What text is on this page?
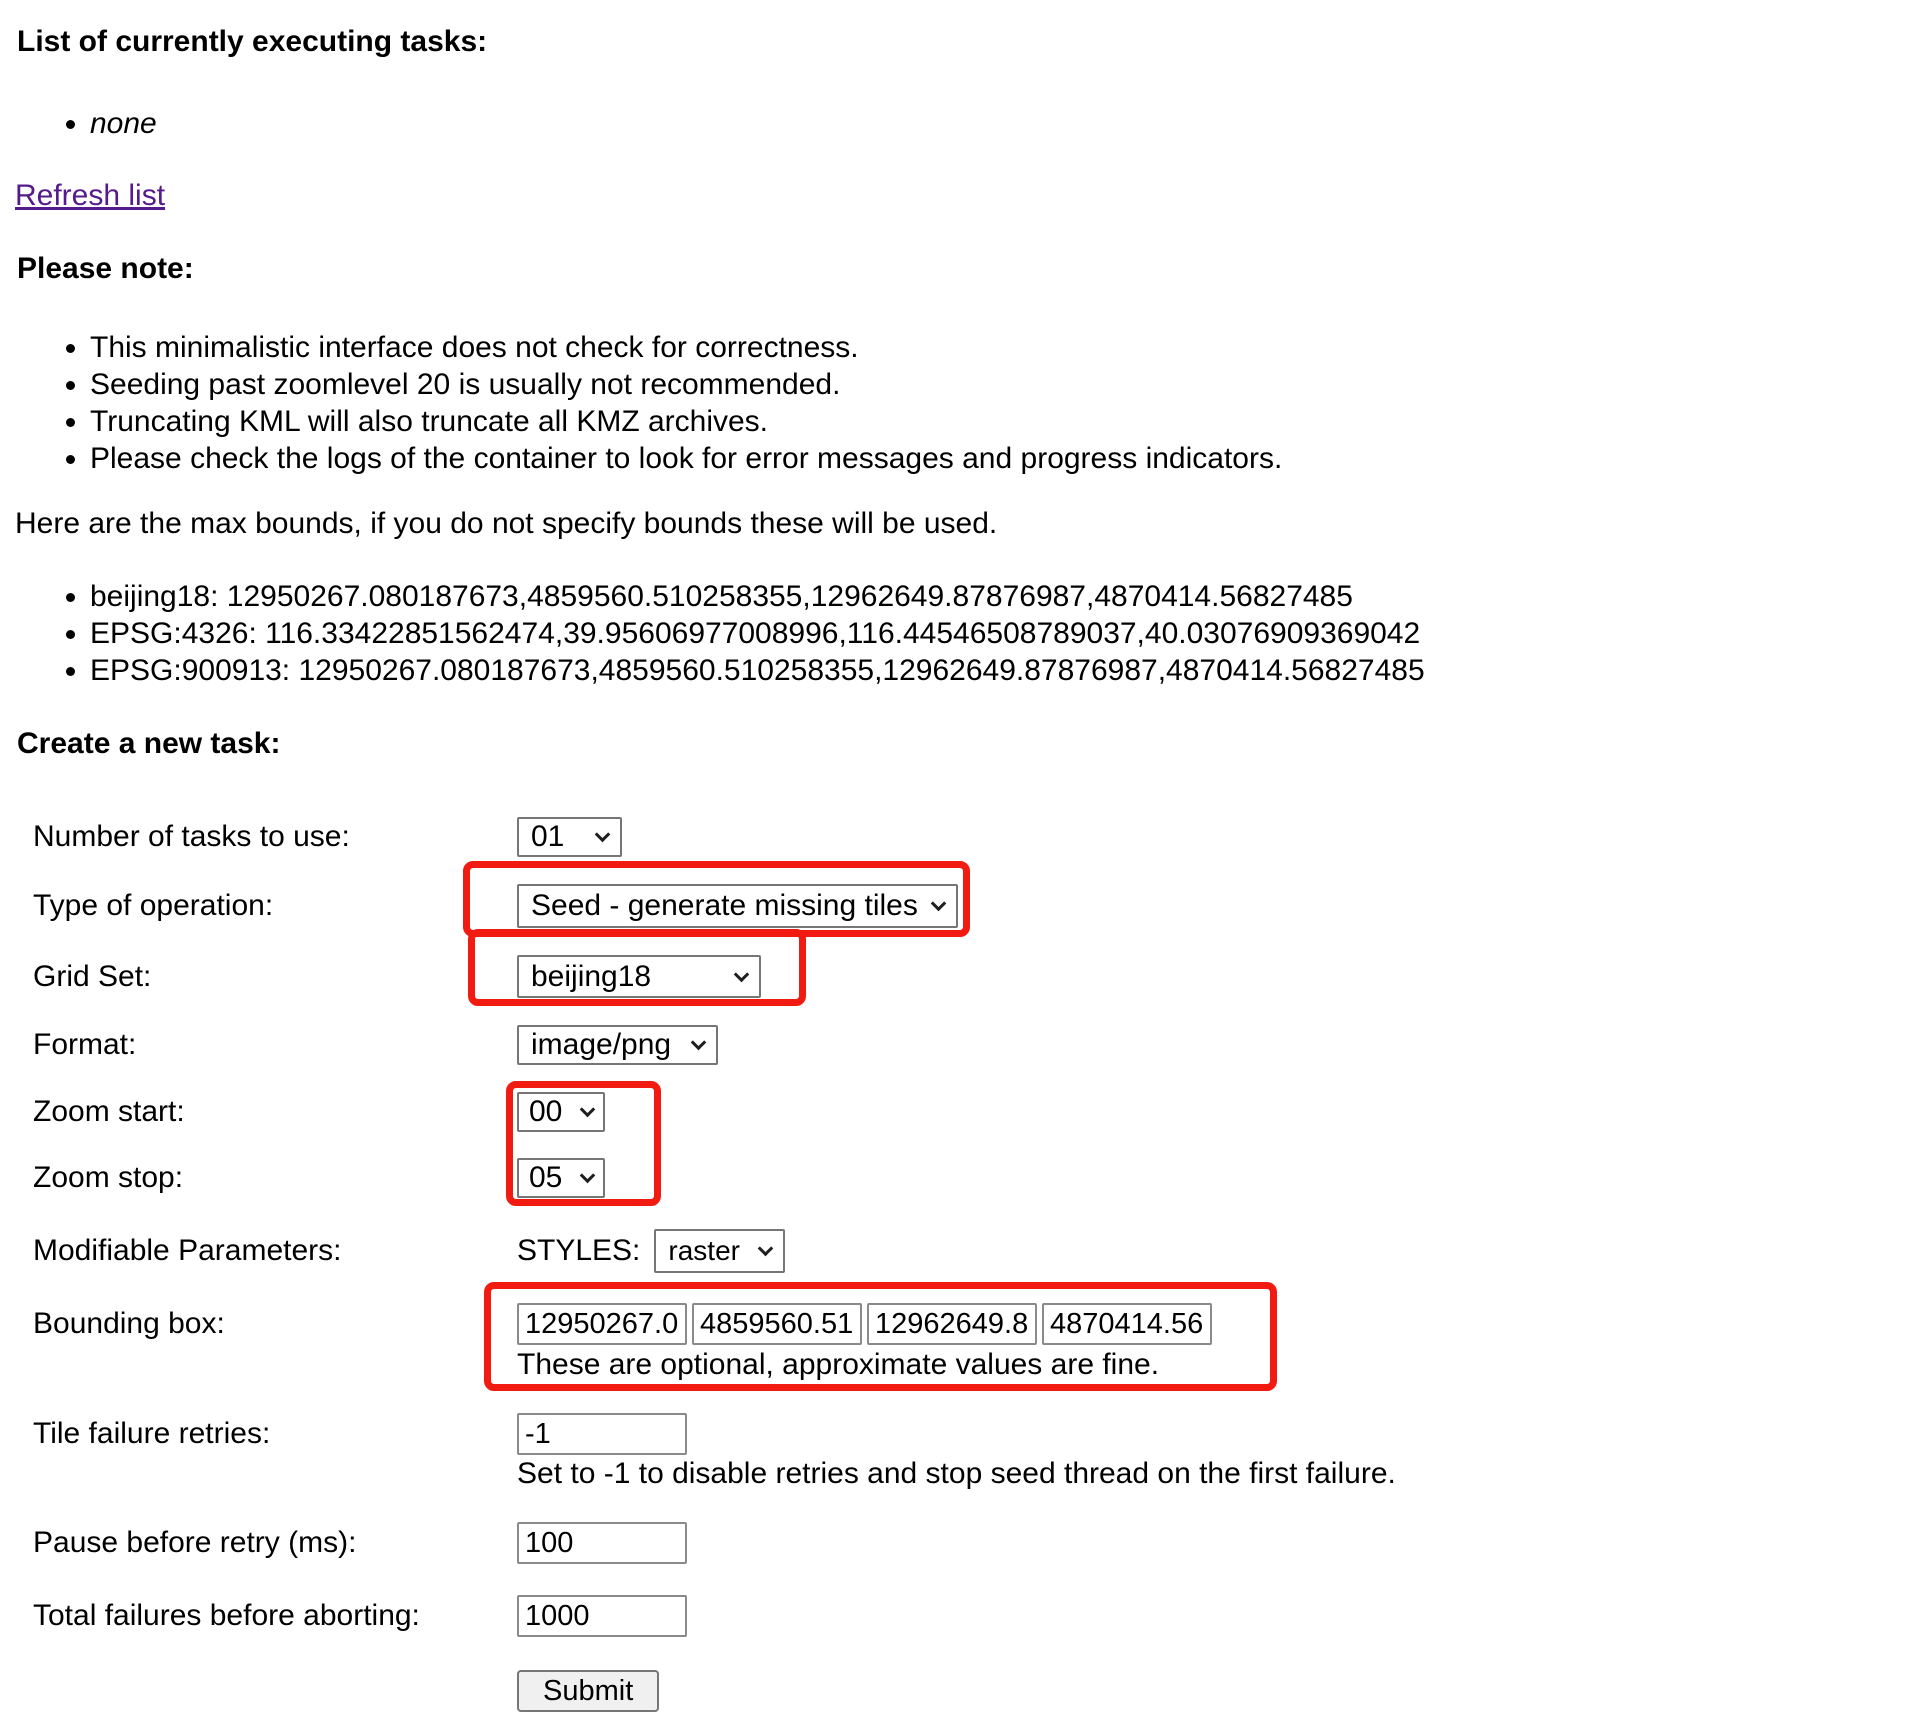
List of currently executing tasks:
• none

Refresh list

Please note:
• This minimalistic interface does not check for correctness.
• Seeding past zoomlevel 20 is usually not recommended.
• Truncating KML will also truncate all KMZ archives.
• Please check the logs of the container to look for error messages and progress indicators.

Here are the max bounds, if you do not specify bounds these will be used.

• beijing18: 12950267.080187673,4859560.510258355,12962649.87876987,4870414.56827485
• EPSG:4326: 116.33422851562474,39.95606977008996,116.44546508789037,40.03076909369042
• EPSG:900913: 12950267.080187673,4859560.510258355,12962649.87876987,4870414.56827485
Create a new task:
Number of tasks to use:	01
Type of operation:	Seed - generate missing tiles
Grid Set:	beijing18
Format:	image/png
Zoom start:	00
Zoom stop:	05
Modifiable Parameters:	STYLES: raster
Bounding box:
12950267.080187673
4859560.510258355
12962649.87876987
4870414.56827485
These are optional, approximate values are fine.
Tile failure retries:
-1
Set to -1 to disable retries and stop seed thread on the first failure.
Pause before retry (ms):
100
Total failures before aborting:
1000
Submit
